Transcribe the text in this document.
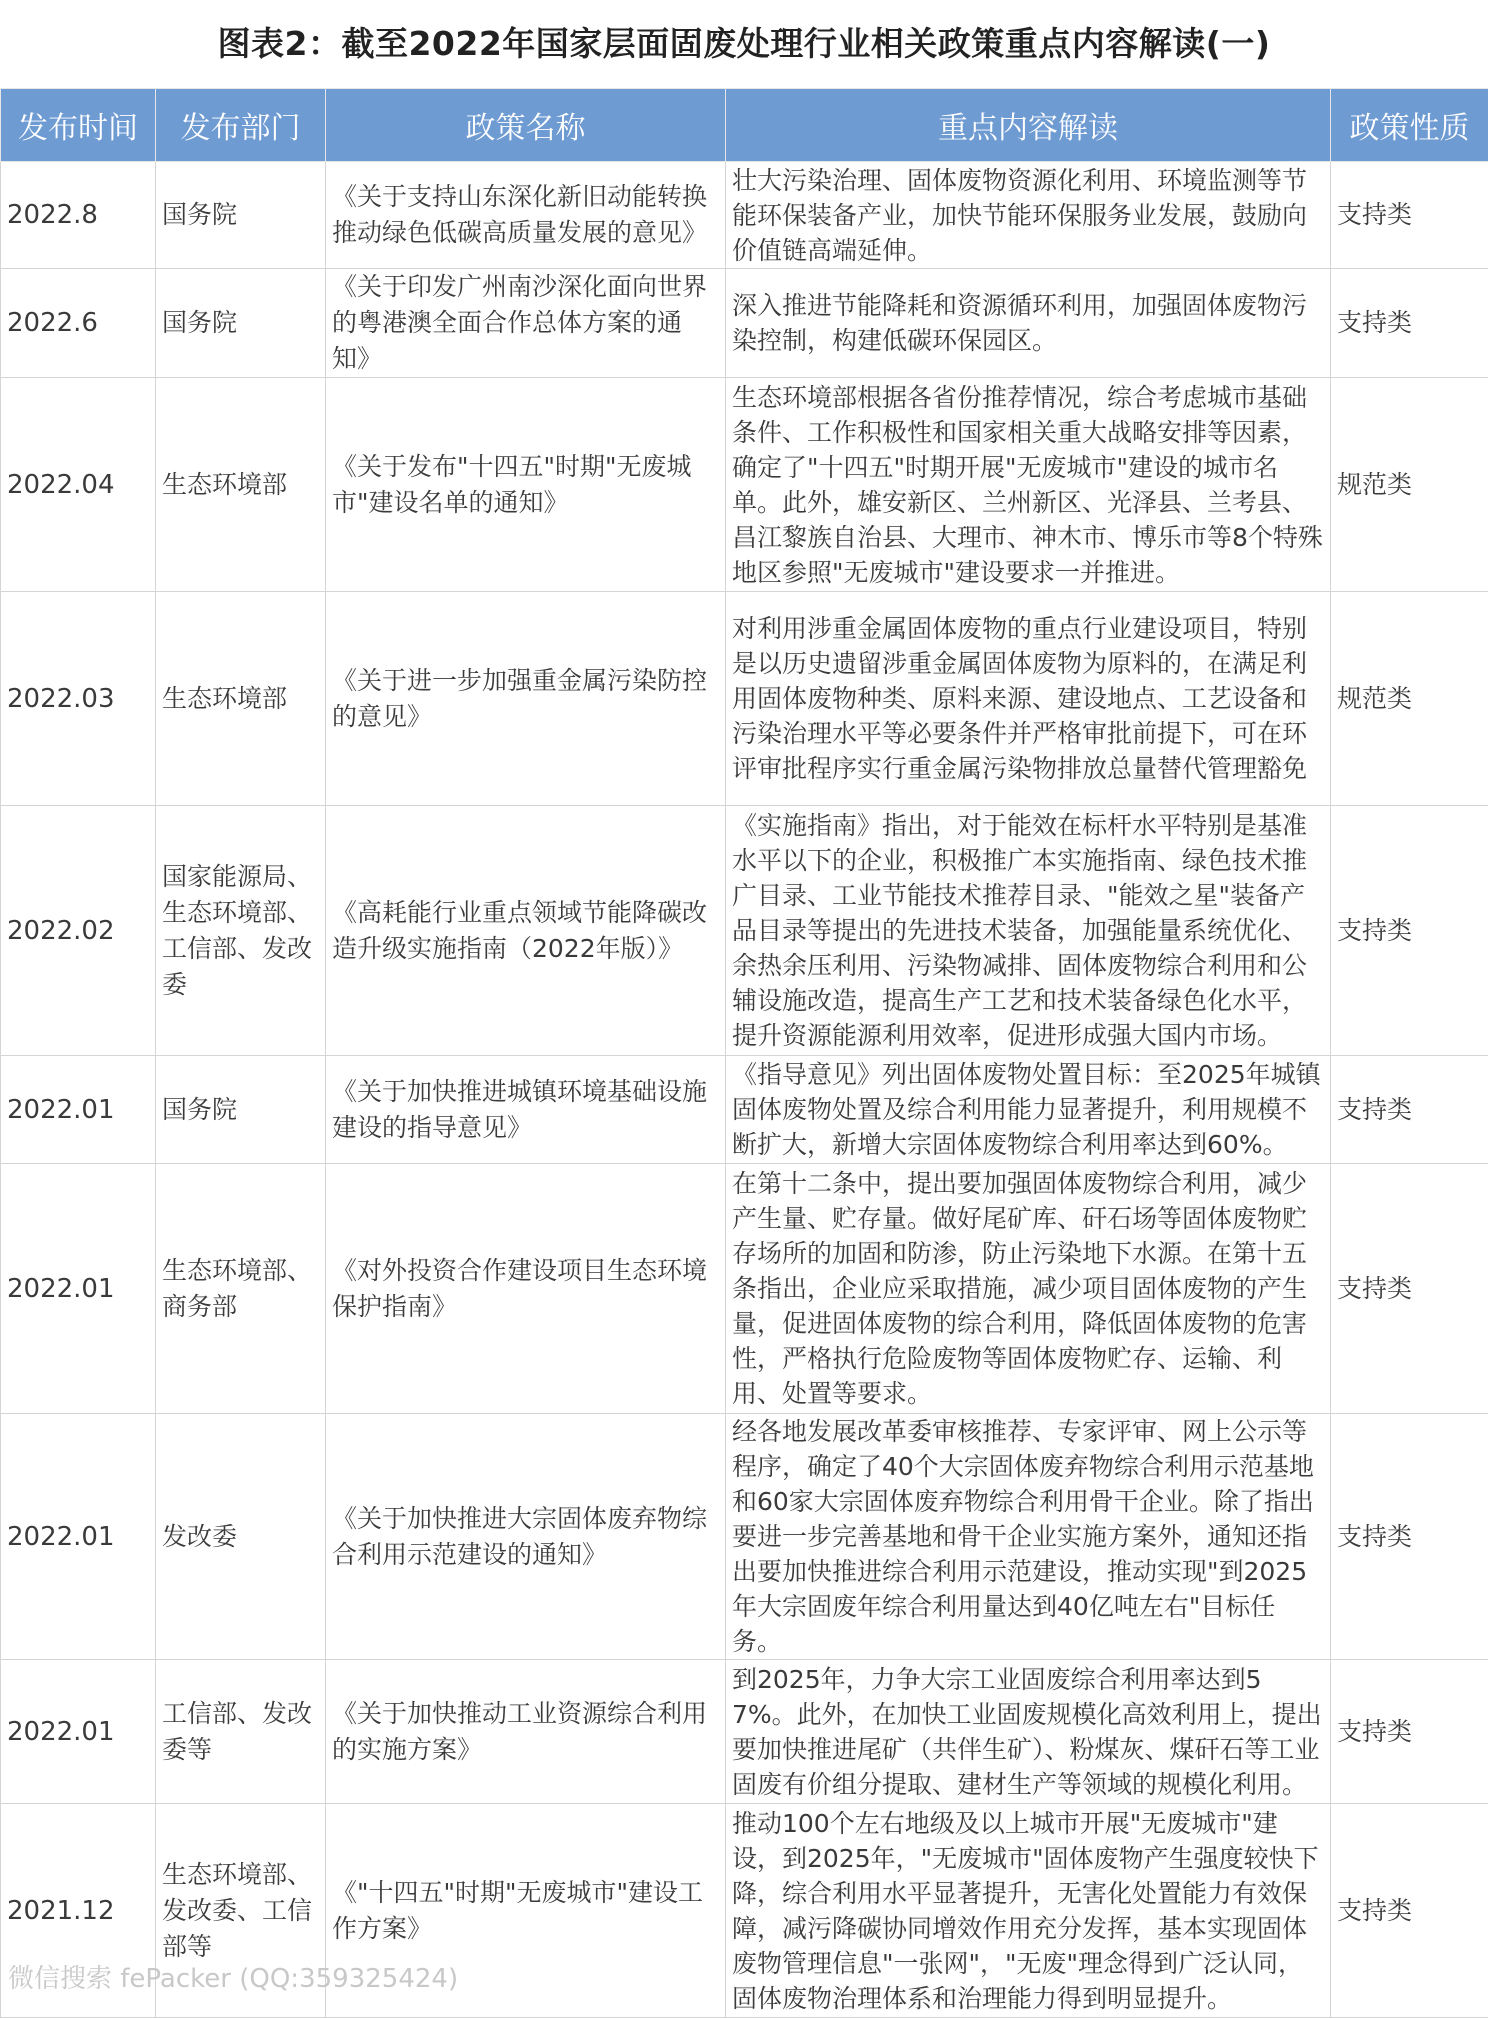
图表2：截至2022年国家层面固废处理行业相关政策重点内容解读(一)
发布时间	发布部门	政策名称	重点内容解读	政策性质
2022.8	国务院	《关于支持山东深化新旧动能转换推动绿色低碳高质量发展的意见》	壮大污染治理、固体废物资源化利用、环境监测等节能环保装备产业，加快节能环保服务业发展，鼓励向价值链高端延伸。	支持类
2022.6	国务院	《关于印发广州南沙深化面向世界的粤港澳全面合作总体方案的通知》	深入推进节能降耗和资源循环利用，加强固体废物污染控制，构建低碳环保园区。	支持类
2022.04	生态环境部	《关于发布"十四五"时期"无废城市"建设名单的通知》	生态环境部根据各省份推荐情况，综合考虑城市基础条件、工作积极性和国家相关重大战略安排等因素，确定了"十四五"时期开展"无废城市"建设的城市名单。此外，雄安新区、兰州新区、光泽县、兰考县、昌江黎族自治县、大理市、神木市、博乐市等8个特殊地区参照"无废城市"建设要求一并推进。	规范类
2022.03	生态环境部	《关于进一步加强重金属污染防控的意见》	对利用涉重金属固体废物的重点行业建设项目，特别是以历史遗留涉重金属固体废物为原料的，在满足利用固体废物种类、原料来源、建设地点、工艺设备和污染治理水平等必要条件并严格审批前提下，可在环评审批程序实行重金属污染物排放总量替代管理豁免	规范类
2022.02	国家能源局、生态环境部、工信部、发改委	《高耗能行业重点领域节能降碳改造升级实施指南（2022年版）》	《实施指南》指出，对于能效在标杆水平特别是基准水平以下的企业，积极推广本实施指南、绿色技术推广目录、工业节能技术推荐目录、"能效之星"装备产品目录等提出的先进技术装备，加强能量系统优化、余热余压利用、污染物减排、固体废物综合利用和公辅设施改造，提高生产工艺和技术装备绿色化水平，提升资源能源利用效率，促进形成强大国内市场。	支持类
2022.01	国务院	《关于加快推进城镇环境基础设施建设的指导意见》	《指导意见》列出固体废物处置目标：至2025年城镇固体废物处置及综合利用能力显著提升，利用规模不断扩大，新增大宗固体废物综合利用率达到60%。	支持类
2022.01	生态环境部、商务部	《对外投资合作建设项目生态环境保护指南》	在第十二条中，提出要加强固体废物综合利用，减少产生量、贮存量。做好尾矿库、矸石场等固体废物贮存场所的加固和防渗，防止污染地下水源。在第十五条指出，企业应采取措施，减少项目固体废物的产生量，促进固体废物的综合利用，降低固体废物的危害性，严格执行危险废物等固体废物贮存、运输、利用、处置等要求。	支持类
2022.01	发改委	《关于加快推进大宗固体废弃物综合利用示范建设的通知》	经各地发展改革委审核推荐、专家评审、网上公示等程序，确定了40个大宗固体废弃物综合利用示范基地和60家大宗固体废弃物综合利用骨干企业。除了指出要进一步完善基地和骨干企业实施方案外，通知还指出要加快推进综合利用示范建设，推动实现"到2025年大宗固废年综合利用量达到40亿吨左右"目标任务。	支持类
2022.01	工信部、发改委等	《关于加快推动工业资源综合利用的实施方案》	到2025年，力争大宗工业固废综合利用率达到57%。此外，在加快工业固废规模化高效利用上，提出要加快推进尾矿（共伴生矿）、粉煤灰、煤矸石等工业固废有价组分提取、建材生产等领域的规模化利用。	支持类
2021.12	生态环境部、发改委、工信部等	《"十四五"时期"无废城市"建设工作方案》	推动100个左右地级及以上城市开展"无废城市"建设，到2025年，"无废城市"固体废物产生强度较快下降，综合利用水平显著提升，无害化处置能力有效保障，减污降碳协同增效作用充分发挥，基本实现固体废物管理信息"一张网"，"无废"理念得到广泛认同，固体废物治理体系和治理能力得到明显提升。	支持类
微信搜索 fePacker (QQ:359325424)
